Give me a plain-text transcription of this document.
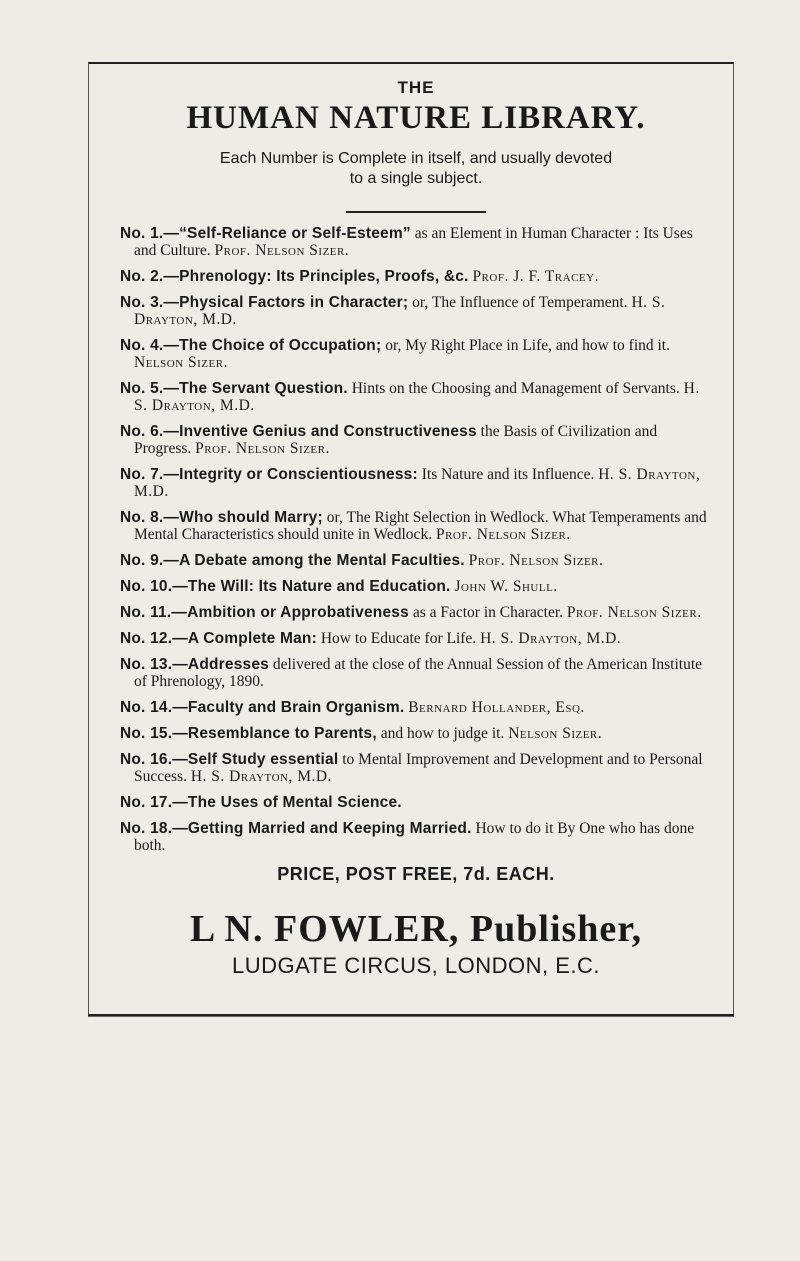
THE
HUMAN NATURE LIBRARY.
Each Number is Complete in itself, and usually devoted
to a single subject.
No. 1.—“Self-Reliance or Self-Esteem” as an Element in Human Character : Its Uses and Culture. Prof. Nelson Sizer.
No. 2.—Phrenology: Its Principles, Proofs, &c. Prof. J. F. Tracey.
No. 3.—Physical Factors in Character; or, The Influence of Temperament. H. S. Drayton, M.D.
No. 4.—The Choice of Occupation; or, My Right Place in Life, and how to find it. Nelson Sizer.
No. 5.—The Servant Question. Hints on the Choosing and Management of Servants. H. S. Drayton, M.D.
No. 6.—Inventive Genius and Constructiveness the Basis of Civilization and Progress. Prof. Nelson Sizer.
No. 7.—Integrity or Conscientiousness: Its Nature and its Influence. H. S. Drayton, M.D.
No. 8.—Who should Marry; or, The Right Selection in Wedlock. What Temperaments and Mental Characteristics should unite in Wedlock. Prof. Nelson Sizer.
No. 9.—A Debate among the Mental Faculties. Prof. Nelson Sizer.
No. 10.—The Will: Its Nature and Education. John W. Shull.
No. 11.—Ambition or Approbativeness as a Factor in Character. Prof. Nelson Sizer.
No. 12.—A Complete Man: How to Educate for Life. H. S. Drayton, M.D.
No. 13.—Addresses delivered at the close of the Annual Session of the American Institute of Phrenology, 1890.
No. 14.—Faculty and Brain Organism. Bernard Hollander, Esq.
No. 15.—Resemblance to Parents, and how to judge it. Nelson Sizer.
No. 16.—Self Study essential to Mental Improvement and Development and to Personal Success. H. S. Drayton, M.D.
No. 17.—The Uses of Mental Science.
No. 18.—Getting Married and Keeping Married. How to do it By One who has done both.
PRICE, POST FREE, 7d. EACH.
L N. FOWLER, Publisher,
LUDGATE CIRCUS, LONDON, E.C.
